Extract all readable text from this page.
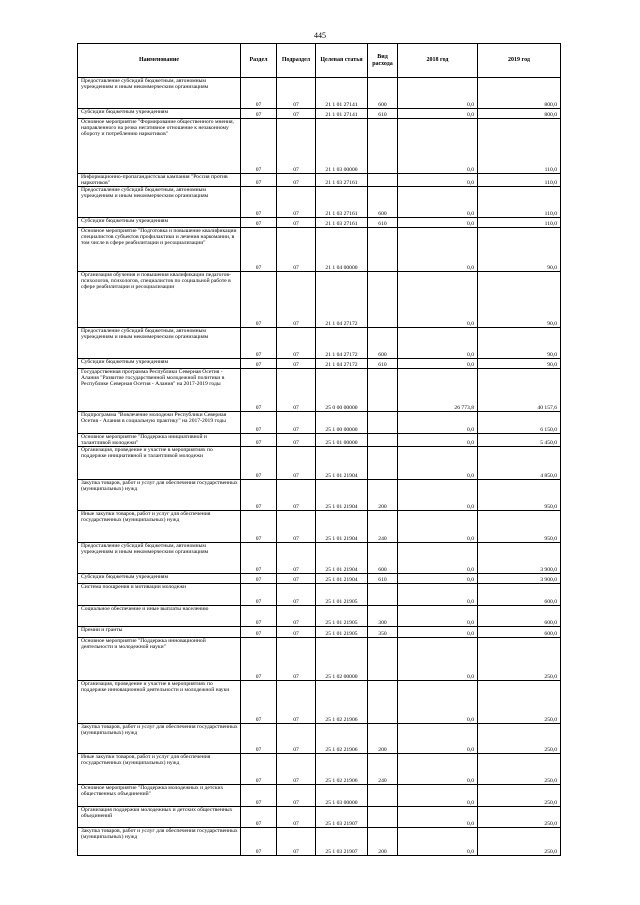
445
Наименование	Раздел	Подраздел	Целевая статья	Вид расхода	2018 год	2019 год
Предоставление субсидий бюджетным, автономным учреждениям и иным некоммерческим организациям	07	07	21 1 01 27141	600	0,0	800,0
Субсидии бюджетным учреждениям	07	07	21 1 01 27141	610	0,0	800,0
Основное мероприятие "Формирование общественного мнения, направленного на резко негативное отношение к незаконному обороту и потреблению наркотиков"	07	07	21 1 03 00000		0,0	110,0
Информационно-пропагандистская кампания "Россия против наркотиков"	07	07	21 1 03 27161		0,0	110,0
Предоставление субсидий бюджетным, автономным учреждениям и иным некоммерческим организациям	07	07	21 1 03 27161	600	0,0	110,0
Субсидии бюджетным учреждениям	07	07	21 1 03 27161	610	0,0	110,0
Основное мероприятие "Подготовка и повышение квалификации специалистов субъектов профилактики и лечения наркомании, в том числе в сфере реабилитации и ресоциализации"	07	07	21 1 04 00000		0,0	90,0
Организация обучения и повышения квалификации педагогов-психологов, психологов, специалистов по социальной работе в сфере реабилитации и ресоциализации	07	07	21 1 04 27172		0,0	90,0
Предоставление субсидий бюджетным, автономным учреждениям и иным некоммерческим организациям	07	07	21 1 04 27172	600	0,0	90,0
Субсидии бюджетным учреждениям	07	07	21 1 04 27172	610	0,0	90,0
Государственная программа Республики Северная Осетия - Алания "Развитие государственной молодежной политики в Республике Северная Осетия - Алания" на 2017-2019 годы	07	07	25 0 00 00000		26 773,8	40 157,6
Подпрограмма "Вовлечение молодежи Республики Северная Осетия - Алания в социальную практику" на 2017-2019 годы	07	07	25 1 00 00000		0,0	6 150,0
Основное мероприятие "Поддержка инициативной и талантливой молодежи"	07	07	25 1 01 00000		0,0	5 450,0
Организация, проведение и участие в мероприятиях по поддержке инициативной и талантливой молодежи	07	07	25 1 01 21904		0,0	4 850,0
Закупка товаров, работ и услуг для обеспечения государственных (муниципальных) нужд	07	07	25 1 01 21904	200	0,0	950,0
Иные закупки товаров, работ и услуг для обеспечения государственных (муниципальных) нужд	07	07	25 1 01 21904	240	0,0	950,0
Предоставление субсидий бюджетным, автономным учреждениям и иным некоммерческим организациям	07	07	25 1 01 21904	600	0,0	3 900,0
Субсидии бюджетным учреждениям	07	07	25 1 01 21904	610	0,0	3 900,0
Система поощрения и мотивации молодежи	07	07	25 1 01 21905		0,0	600,0
Социальное обеспечение и иные выплаты населению	07	07	25 1 01 21905	300	0,0	600,0
Премии и гранты	07	07	25 1 01 21905	350	0,0	600,0
Основное мероприятие "Поддержка инновационной деятельности и молодежной науки"	07	07	25 1 02 00000		0,0	250,0
Организация, проведение и участие в мероприятиях по поддержке инновационной деятельности и молодежной науки	07	07	25 1 02 21906		0,0	250,0
Закупка товаров, работ и услуг для обеспечения государственных (муниципальных) нужд	07	07	25 1 02 21906	200	0,0	250,0
Иные закупки товаров, работ и услуг для обеспечения государственных (муниципальных) нужд	07	07	25 1 02 21906	240	0,0	250,0
Основное мероприятие "Поддержка молодежных и детских общественных объединений"	07	07	25 1 03 00000		0,0	250,0
Организация поддержки молодежных и детских общественных объединений	07	07	25 1 03 21907		0,0	250,0
Закупка товаров, работ и услуг для обеспечения государственных (муниципальных) нужд	07	07	25 1 03 21907	200	0,0	250,0
